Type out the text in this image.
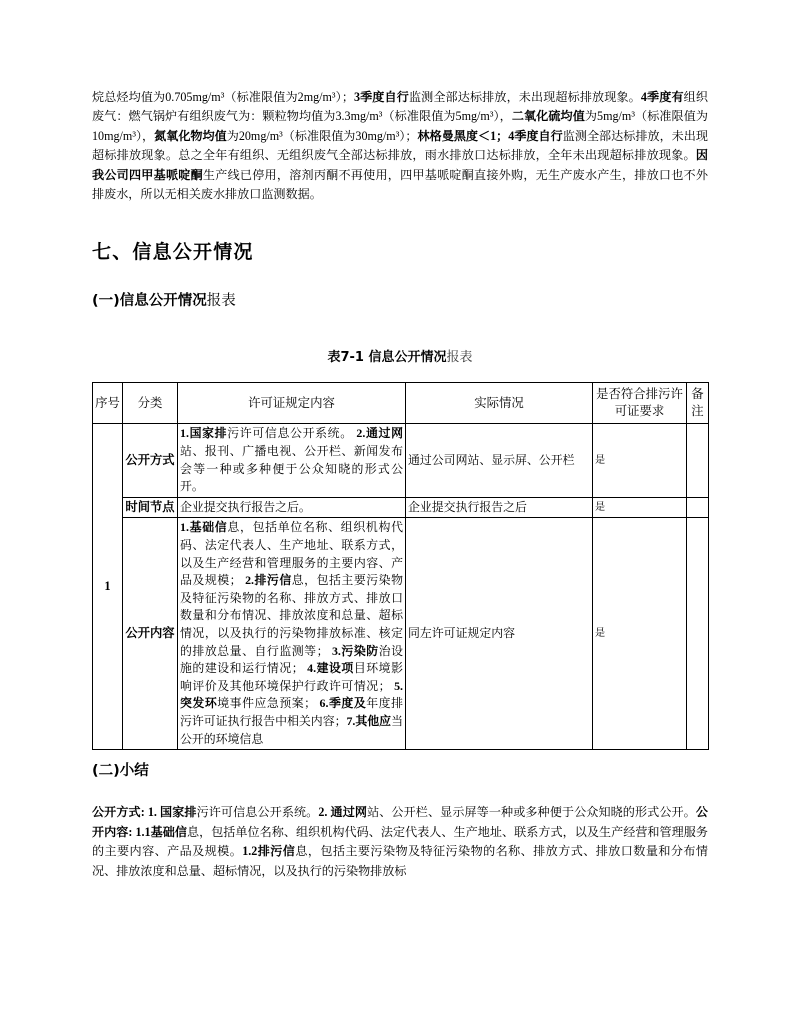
烷总烃均值为0.705mg/m³（标准限值为2mg/m³）；3季度自行监测全部达标排放，未出现超标排放现象。4季度有组织废气：燃气锅炉有组织废气为：颗粒物均值为3.3mg/m³（标准限值为5mg/m³），二氧化硫均值为5mg/m³（标准限值为10mg/m³），氮氧化物均值为20mg/m³（标准限值为30mg/m³）；林格曼黑度＜1；4季度自行监测全部达标排放，未出现超标排放现象。总之全年有组织、无组织废气全部达标排放，雨水排放口达标排放，全年未出现超标排放现象。因我公司四甲基哌啶酮生产线已停用，溶剂丙酮不再使用，四甲基哌啶酮直接外购，无生产废水产生，排放口也不外排废水，所以无相关废水排放口监测数据。

七、信息公开情况
(一)信息公开情况报表
表7-1 信息公开情况报表
序号	分类	许可证规定内容	实际情况	是否符合排污许可证要求	备注
1	公开方式	1.国家排污许可信息公开系统。 2.通过网站、报刊、广播电视、公开栏、新闻发布会等一种或多种便于公众知晓的形式公开。	通过公司网站、显示屏、公开栏	是	
	时间节点	企业提交执行报告之后。	企业提交执行报告之后	是	
	公开内容	1.基础信息，包括单位名称、组织机构代码、法定代表人、生产地址、联系方式，以及生产经营和管理服务的主要内容、产品及规模； 2.排污信息，包括主要污染物及特征污染物的名称、排放方式、排放口数量和分布情况、排放浓度和总量、超标情况，以及执行的污染物排放标准、核定的排放总量、自行监测等； 3.污染防治设施的建设和运行情况； 4.建设项目环境影响评价及其他环境保护行政许可情况； 5.突发环境事件应急预案； 6.季度及年度排污许可证执行报告中相关内容；7.其他应当公开的环境信息	同左许可证规定内容	是	
(二)小结

公开方式: 1. 国家排污许可信息公开系统。2. 通过网站、公开栏、显示屏等一种或多种便于公众知晓的形式公开。公开内容: 1.1基础信息，包括单位名称、组织机构代码、法定代表人、生产地址、联系方式，以及生产经营和管理服务的主要内容、产品及规模。1.2排污信息，包括主要污染物及特征污染物的名称、排放方式、排放口数量和分布情况、排放浓度和总量、超标情况，以及执行的污染物排放标
